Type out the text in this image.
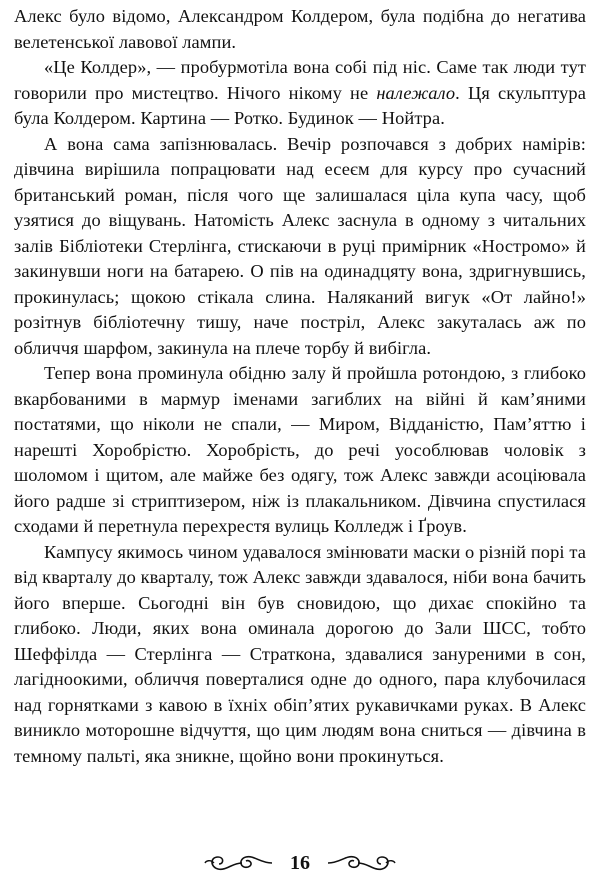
Алекс було відомо, Александром Колдером, була подібна до негатива велетенської лавової лампи.

«Це Колдер», — пробурмотіла вона собі під ніс. Саме так люди тут говорили про мистецтво. Нічого нікому не належало. Ця скульптура була Колдером. Картина — Ротко. Будинок — Нойтра.

А вона сама запізнювалась. Вечір розпочався з добрих намірів: дівчина вирішила попрацювати над есеєм для курсу про сучасний британський роман, після чого ще залишалася ціла купа часу, щоб узятися до віщувань. Натомість Алекс заснула в одному з читальних залів Бібліотеки Стерлінга, стискаючи в руці примірник «Ностромо» й закинувши ноги на батарею. О пів на одинадцяту вона, здригнувшись, прокинулась; щокою стікала слина. Наляканий вигук «От лайно!» розітнув бібліотечну тишу, наче постріл, Алекс закуталась аж по обличчя шарфом, закинула на плече торбу й вибігла.

Тепер вона проминула обідню залу й пройшла ротондою, з глибоко вкарбованими в мармур іменами загиблих на війні й кам’яними постатями, що ніколи не спали, — Миром, Відданістю, Пам’яттю і нарешті Хоробрістю. Хоробрість, до речі уособлював чоловік з шоломом і щитом, але майже без одягу, тож Алекс завжди асоціювала його радше зі стриптизером, ніж із плакальником. Дівчина спустилася сходами й перетнула перехрестя вулиць Колледж і Ґроув.

Кампусу якимось чином удавалося змінювати маски о різній порі та від кварталу до кварталу, тож Алекс завжди здавалося, ніби вона бачить його вперше. Сьогодні він був сновидою, що дихає спокійно та глибоко. Люди, яких вона оминала дорогою до Зали ШСС, тобто Шеффілда — Стерлінга — Страткона, здавалися зануреними в сон, лагідноокими, обличчя поверталися одне до одного, пара клубочилася над горнятками з кавою в їхніх обіп’ятих рукавичками руках. В Алекс виникло моторошне відчуття, що цим людям вона сниться — дівчина в темному пальті, яка зникне, щойно вони прокинуться.

16
